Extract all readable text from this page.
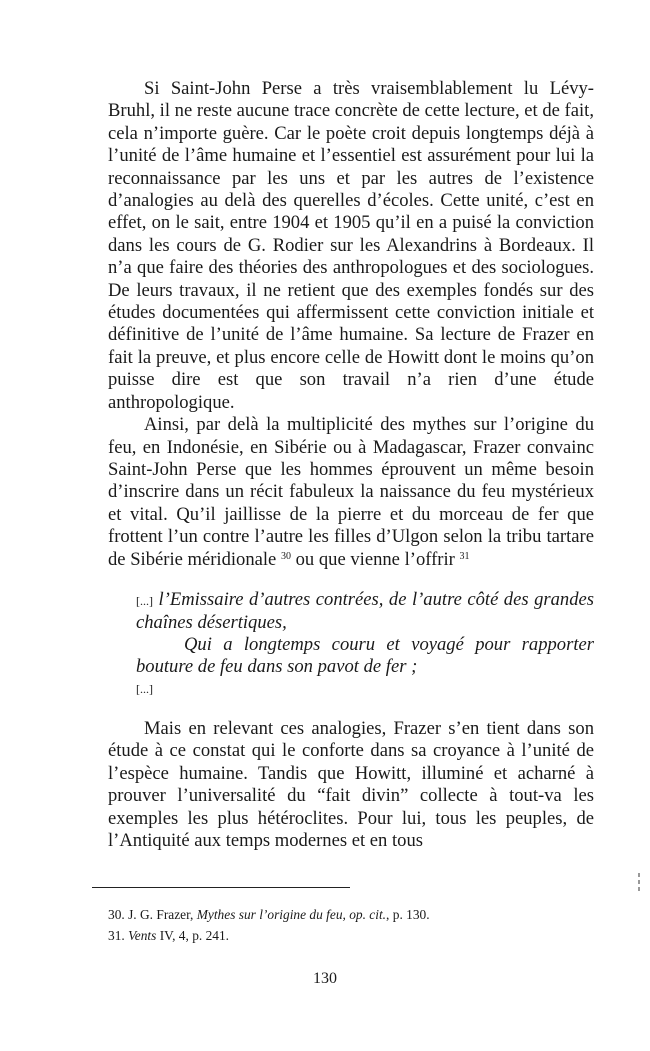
Si Saint-John Perse a très vraisemblablement lu Lévy-Bruhl, il ne reste aucune trace concrète de cette lecture, et de fait, cela n’importe guère. Car le poète croit depuis longtemps déjà à l’unité de l’âme humaine et l’essentiel est assurément pour lui la reconnaissance par les uns et par les autres de l’existence d’analogies au delà des querelles d’écoles. Cette unité, c’est en effet, on le sait, entre 1904 et 1905 qu’il en a puisé la conviction dans les cours de G. Rodier sur les Alexandrins à Bordeaux. Il n’a que faire des théories des anthropologues et des sociologues. De leurs travaux, il ne retient que des exemples fondés sur des études documentées qui affermissent cette conviction initiale et définitive de l’unité de l’âme humaine. Sa lecture de Frazer en fait la preuve, et plus encore celle de Howitt dont le moins qu’on puisse dire est que son travail n’a rien d’une étude anthropologique.

Ainsi, par delà la multiplicité des mythes sur l’origine du feu, en Indonésie, en Sibérie ou à Madagascar, Frazer convainc Saint-John Perse que les hommes éprouvent un même besoin d’inscrire dans un récit fabuleux la naissance du feu mystérieux et vital. Qu’il jaillisse de la pierre et du morceau de fer que frottent l’un contre l’autre les filles d’Ulgon selon la tribu tartare de Sibérie méridionale $^{30}$ ou que vienne l’offrir $^{31}$

[...] l’Emissaire d’autres contrées, de l’autre côté des grandes chaînes désertiques,
Qui a longtemps couru et voyagé pour rapporter bouture de feu dans son pavot de fer ;
[...]

Mais en relevant ces analogies, Frazer s’en tient dans son étude à ce constat qui le conforte dans sa croyance à l’unité de l’espèce humaine. Tandis que Howitt, illuminé et acharné à prouver l’universalité du “fait divin” collecte à tout-va les exemples les plus hétéroclites. Pour lui, tous les peuples, de l’Antiquité aux temps modernes et en tous

30. J. G. Frazer, Mythes sur l’origine du feu, op. cit., p. 130.
31. Vents IV, 4, p. 241.
130
